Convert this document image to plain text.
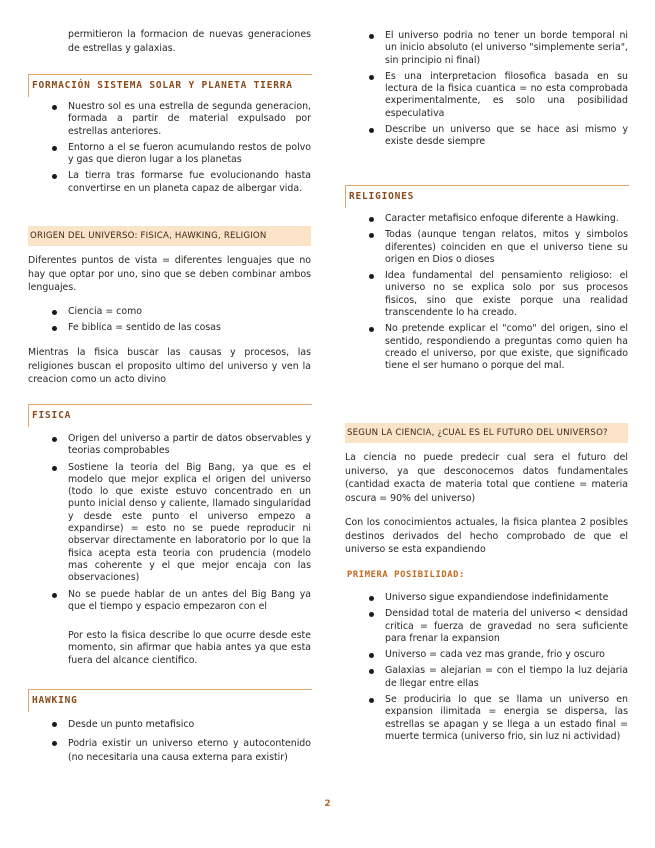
permitieron la formacion de nuevas generaciones de estrellas y galaxias.

FORMACIÓN SISTEMA SOLAR Y PLANETA TIERRA
Nuestro sol es una estrella de segunda generacion, formada a partir de material expulsado por estrellas anteriores.
Entorno a el se fueron acumulando restos de polvo y gas que dieron lugar a los planetas
La tierra tras formarse fue evolucionando hasta convertirse en un planeta capaz de albergar vida.
ORIGEN DEL UNIVERSO: FISICA, HAWKING, RELIGION

Diferentes puntos de vista = diferentes lenguajes que no hay que optar por uno, sino que se deben combinar ambos lenguajes.

Ciencia = como
Fe biblica = sentido de las cosas

Mientras la fisica buscar las causas y procesos, las religiones buscan el proposito ultimo del universo y ven la creacion como un acto divino

FISICA
Origen del universo a partir de datos observables y teorias comprobables
Sostiene la teoria del Big Bang, ya que es el modelo que mejor explica el origen del universo (todo lo que existe estuvo concentrado en un punto inicial denso y caliente, llamado singularidad y desde este punto el universo empezo a expandirse) = esto no se puede reproducir ni observar directamente en laboratorio por lo que la fisica acepta esta teoria con prudencia (modelo mas coherente y el que mejor encaja con las observaciones)
No se puede hablar de un antes del Big Bang ya que el tiempo y espacio empezaron con el

Por esto la fisica describe lo que ocurre desde este momento, sin afirmar que habia antes ya que esta fuera del alcance cientifico.

HAWKING
Desde un punto metafisico
Podria existir un universo eterno y autocontenido (no necesitaria una causa externa para existir)
El universo podria no tener un borde temporal ni un inicio absoluto (el universo "simplemente seria", sin principio ni final)
Es una interpretacion filosofica basada en su lectura de la fisica cuantica = no esta comprobada experimentalmente, es solo una posibilidad especulativa
Describe un universo que se hace asi mismo y existe desde siempre
RELIGIONES
Caracter metafisico enfoque diferente a Hawking.
Todas (aunque tengan relatos, mitos y simbolos diferentes) coinciden en que el universo tiene su origen en Dios o dioses
Idea fundamental del pensamiento religioso: el universo no se explica solo por sus procesos fisicos, sino que existe porque una realidad transcendente lo ha creado.
No pretende explicar el "como" del origen, sino el sentido, respondiendo a preguntas como quien ha creado el universo, por que existe, que significado tiene el ser humano o porque del mal.
SEGUN LA CIENCIA, ¿CUAL ES EL FUTURO DEL UNIVERSO?

La ciencia no puede predecir cual sera el futuro del universo, ya que desconocemos datos fundamentales (cantidad exacta de materia total que contiene = materia oscura = 90% del universo)

Con los conocimientos actuales, la fisica plantea 2 posibles destinos derivados del hecho comprobado de que el universo se esta expandiendo

PRIMERA POSIBILIDAD:
Universo sigue expandiendose indefinidamente
Densidad total de materia del universo < densidad critica = fuerza de gravedad no sera suficiente para frenar la expansion
Universo = cada vez mas grande, frio y oscuro
Galaxias = alejarian = con el tiempo la luz dejaria de llegar entre ellas
Se produciria lo que se llama un universo en expansion ilimitada = energia se dispersa, las estrellas se apagan y se llega a un estado final = muerte termica (universo frio, sin luz ni actividad)
2
